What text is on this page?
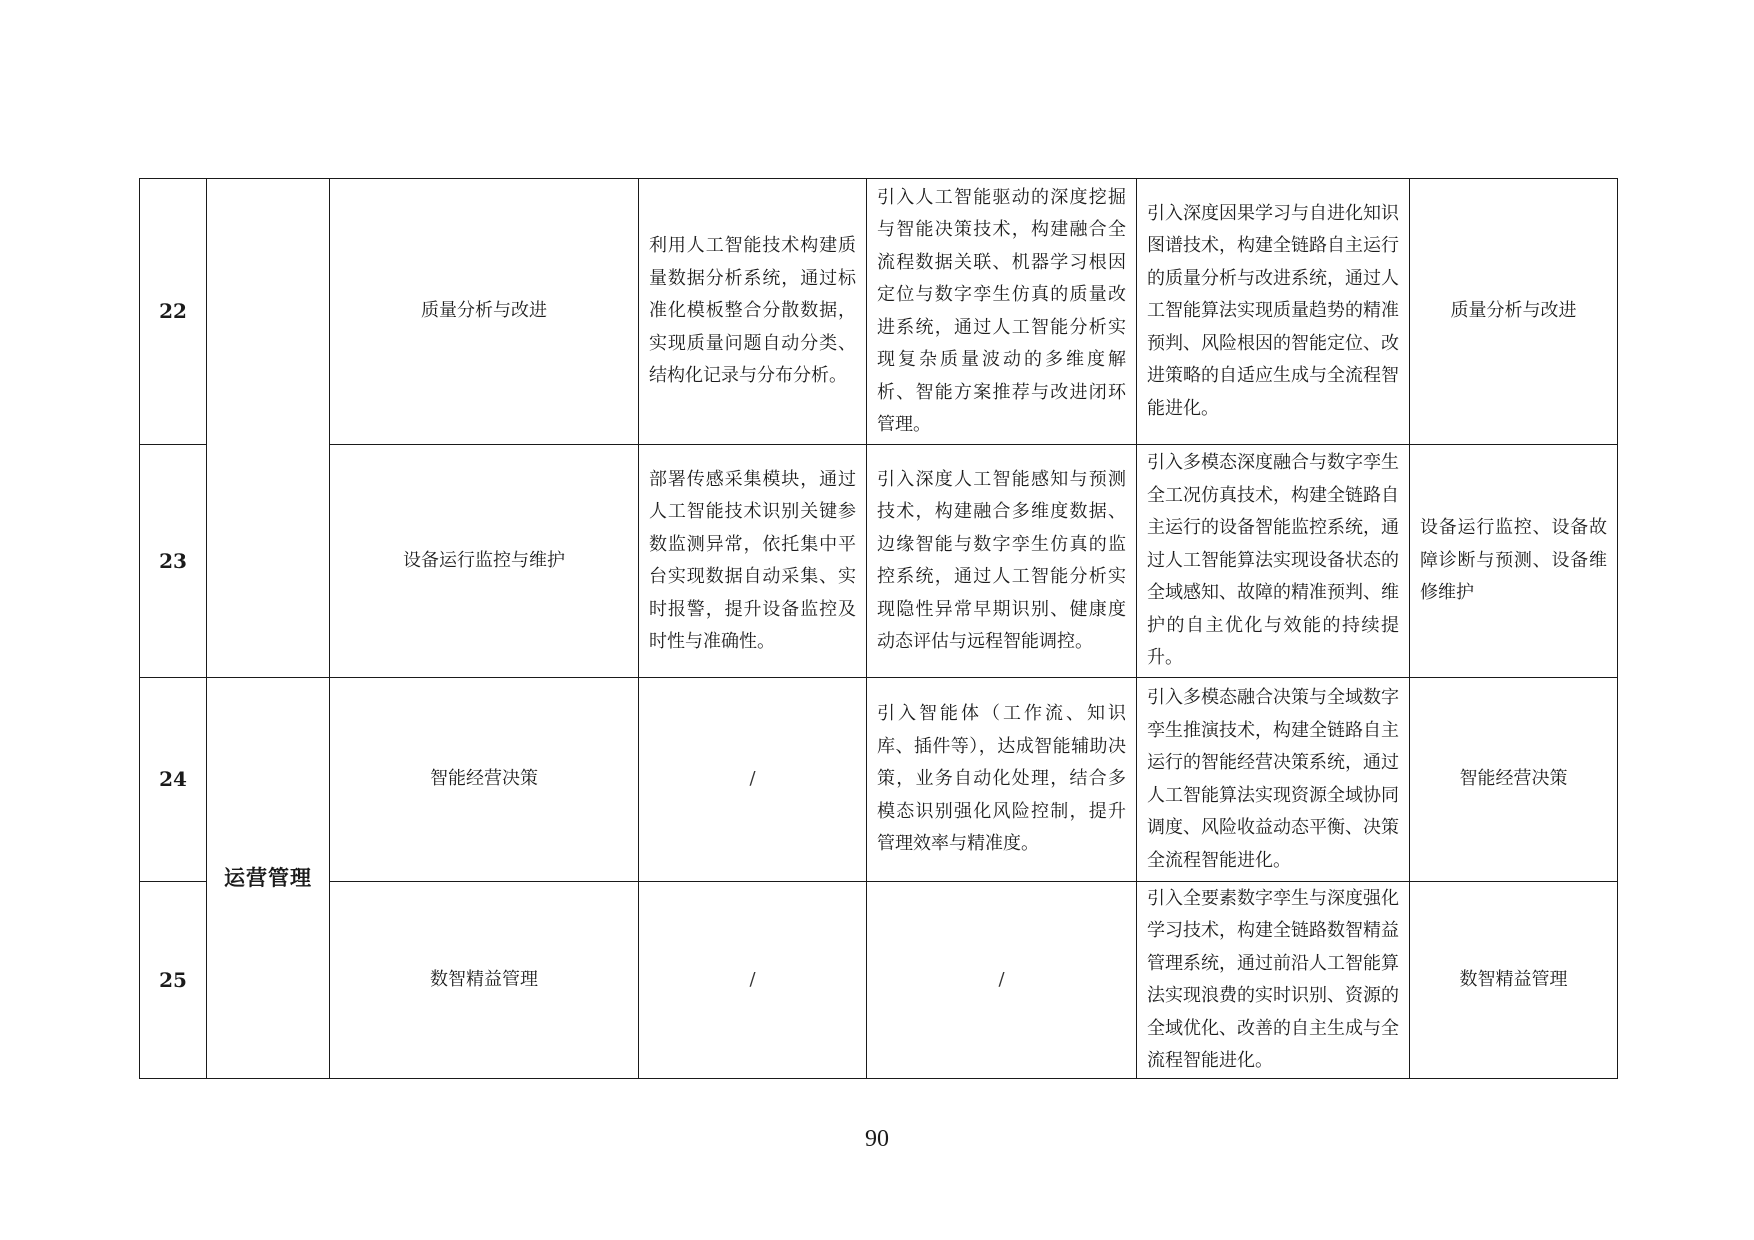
22		质量分析与改进	利用人工智能技术构建质量数据分析系统，通过标准化模板整合分散数据，实现质量问题自动分类、结构化记录与分布分析。	引入人工智能驱动的深度挖掘与智能决策技术，构建融合全流程数据关联、机器学习根因定位与数字孪生仿真的质量改进系统，通过人工智能分析实现复杂质量波动的多维度解析、智能方案推荐与改进闭环管理。	引入深度因果学习与自进化知识图谱技术，构建全链路自主运行的质量分析与改进系统，通过人工智能算法实现质量趋势的精准预判、风险根因的智能定位、改进策略的自适应生成与全流程智能进化。	质量分析与改进
23		设备运行监控与维护	部署传感采集模块，通过人工智能技术识别关键参数监测异常，依托集中平台实现数据自动采集、实时报警，提升设备监控及时性与准确性。	引入深度人工智能感知与预测技术，构建融合多维度数据、边缘智能与数字孪生仿真的监控系统，通过人工智能分析实现隐性异常早期识别、健康度动态评估与远程智能调控。	引入多模态深度融合与数字孪生全工况仿真技术，构建全链路自主运行的设备智能监控系统，通过人工智能算法实现设备状态的全域感知、故障的精准预判、维护的自主优化与效能的持续提升。	设备运行监控、设备故障诊断与预测、设备维修维护
24	运营管理	智能经营决策	/	引入智能体（工作流、知识库、插件等），达成智能辅助决策，业务自动化处理，结合多模态识别强化风险控制，提升管理效率与精准度。	引入多模态融合决策与全域数字孪生推演技术，构建全链路自主运行的智能经营决策系统，通过人工智能算法实现资源全域协同调度、风险收益动态平衡、决策全流程智能进化。	智能经营决策
25		数智精益管理	/	/	引入全要素数字孪生与深度强化学习技术，构建全链路数智精益管理系统，通过前沿人工智能算法实现浪费的实时识别、资源的全域优化、改善的自主生成与全流程智能进化。	数智精益管理
90
